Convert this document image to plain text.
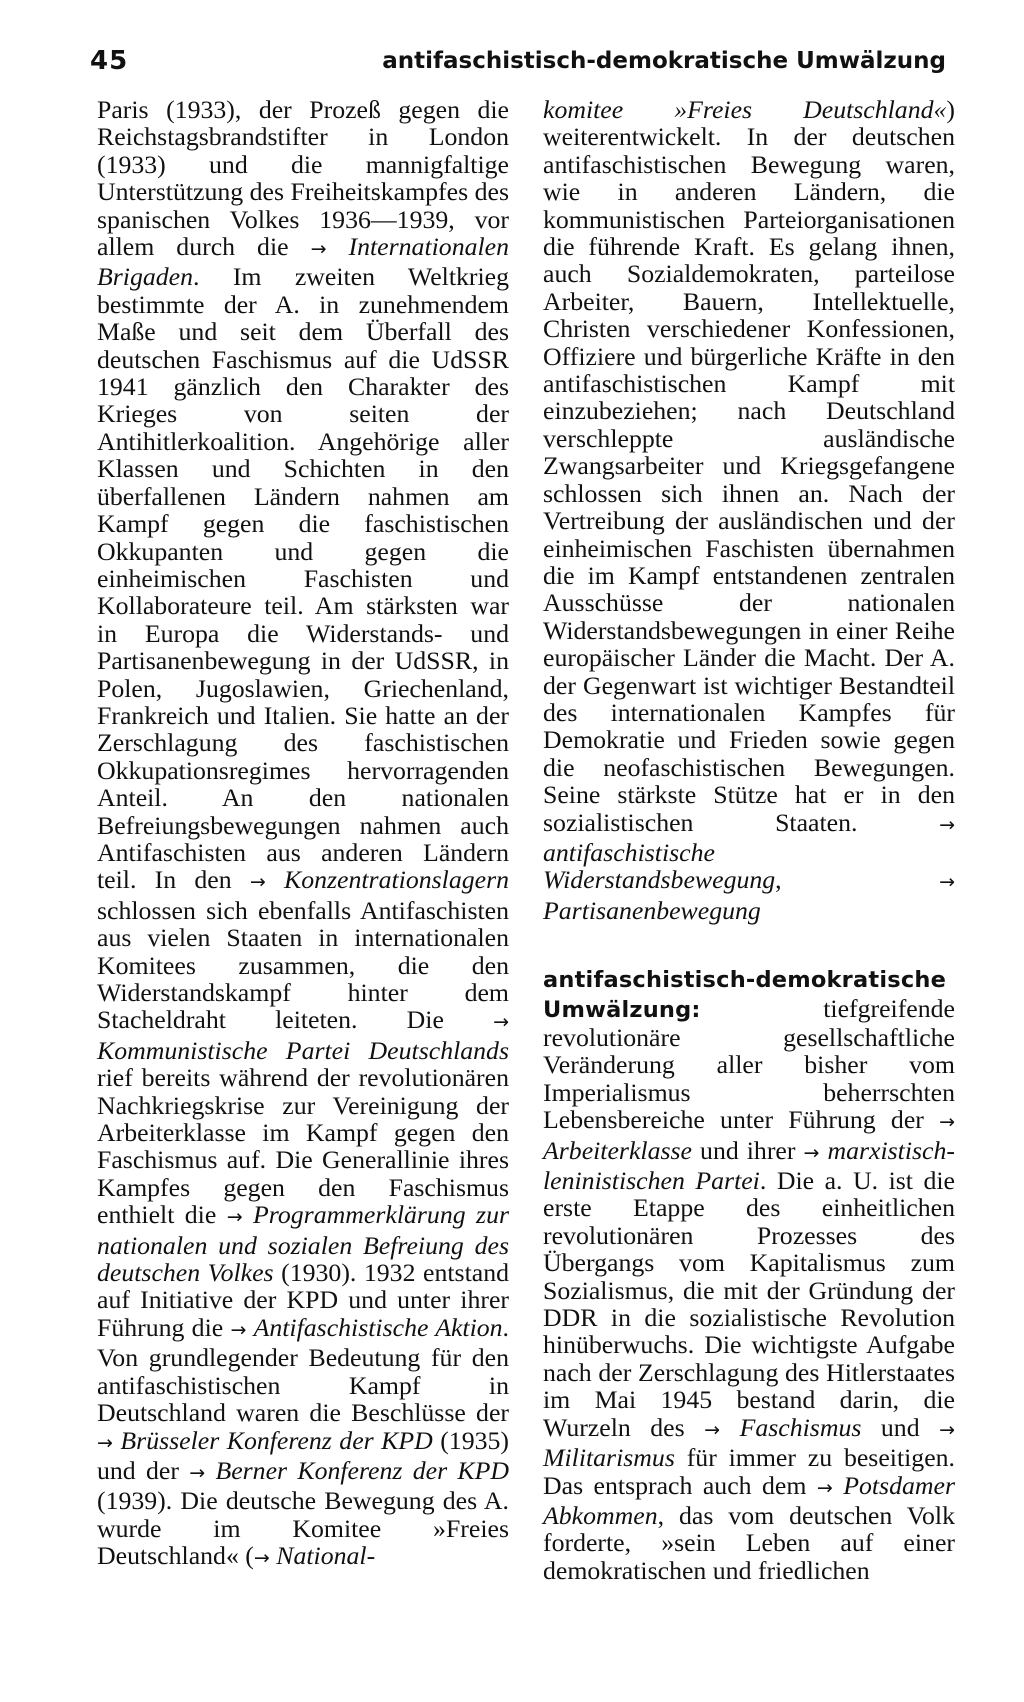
45	antifaschistisch-demokratische Umwälzung

Paris (1933), der Prozeß gegen die Reichstagsbrandstifter in London (1933) und die mannigfaltige Unterstützung des Freiheitskampfes des spanischen Volkes 1936—1939, vor allem durch die → Internationalen Brigaden. Im zweiten Weltkrieg bestimmte der A. in zunehmendem Maße und seit dem Überfall des deutschen Faschismus auf die UdSSR 1941 gänzlich den Charakter des Krieges von seiten der Antihitlerkoalition. Angehörige aller Klassen und Schichten in den überfallenen Ländern nahmen am Kampf gegen die faschistischen Okkupanten und gegen die einheimischen Faschisten und Kollaborateure teil. Am stärksten war in Europa die Widerstands- und Partisanenbewegung in der UdSSR, in Polen, Jugoslawien, Griechenland, Frankreich und Italien. Sie hatte an der Zerschlagung des faschistischen Okkupationsregimes hervorragenden Anteil. An den nationalen Befreiungsbewegungen nahmen auch Antifaschisten aus anderen Ländern teil. In den → Konzentrationslagern schlossen sich ebenfalls Antifaschisten aus vielen Staaten in internationalen Komitees zusammen, die den Widerstandskampf hinter dem Stacheldraht leiteten. Die → Kommunistische Partei Deutschlands rief bereits während der revolutionären Nachkriegskrise zur Vereinigung der Arbeiterklasse im Kampf gegen den Faschismus auf. Die Generallinie ihres Kampfes gegen den Faschismus enthielt die → Programmerklärung zur nationalen und sozialen Befreiung des deutschen Volkes (1930). 1932 entstand auf Initiative der KPD und unter ihrer Führung die → Antifaschistische Aktion. Von grundlegender Bedeutung für den antifaschistischen Kampf in Deutschland waren die Beschlüsse der → Brüsseler Konferenz der KPD (1935) und der → Berner Konferenz der KPD (1939). Die deutsche Bewegung des A. wurde im Komitee »Freies Deutschland« (→ National-

komitee »Freies Deutschland«) weiterentwickelt. In der deutschen antifaschistischen Bewegung waren, wie in anderen Ländern, die kommunistischen Parteiorganisationen die führende Kraft. Es gelang ihnen, auch Sozialdemokraten, parteilose Arbeiter, Bauern, Intellektuelle, Christen verschiedener Konfessionen, Offiziere und bürgerliche Kräfte in den antifaschistischen Kampf mit einzubeziehen; nach Deutschland verschleppte ausländische Zwangsarbeiter und Kriegsgefangene schlossen sich ihnen an. Nach der Vertreibung der ausländischen und der einheimischen Faschisten übernahmen die im Kampf entstandenen zentralen Ausschüsse der nationalen Widerstandsbewegungen in einer Reihe europäischer Länder die Macht. Der A. der Gegenwart ist wichtiger Bestandteil des internationalen Kampfes für Demokratie und Frieden sowie gegen die neofaschistischen Bewegungen. Seine stärkste Stütze hat er in den sozialistischen Staaten. → antifaschistische Widerstandsbewegung, → Partisanenbewegung

antifaschistisch-demokratische Umwälzung: tiefgreifende revolutionäre gesellschaftliche Veränderung aller bisher vom Imperialismus beherrschten Lebensbereiche unter Führung der → Arbeiterklasse und ihrer → marxistisch-leninistischen Partei. Die a. U. ist die erste Etappe des einheitlichen revolutionären Prozesses des Übergangs vom Kapitalismus zum Sozialismus, die mit der Gründung der DDR in die sozialistische Revolution hinüberwuchs. Die wichtigste Aufgabe nach der Zerschlagung des Hitlerstaates im Mai 1945 bestand darin, die Wurzeln des → Faschismus und → Militarismus für immer zu beseitigen. Das entsprach auch dem → Potsdamer Abkommen, das vom deutschen Volk forderte, »sein Leben auf einer demokratischen und friedlichen
